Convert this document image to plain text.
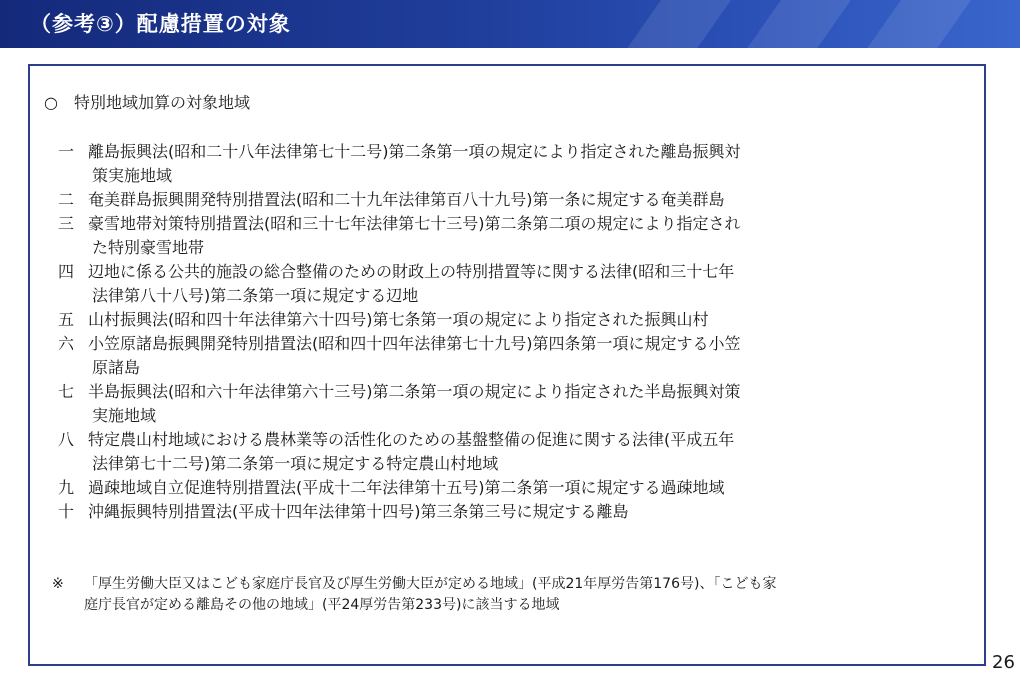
（参考③）配慮措置の対象
○ 特別地域加算の対象地域
一 離島振興法(昭和二十八年法律第七十二号)第二条第一項の規定により指定された離島振興対
策実施地域
二 奄美群島振興開発特別措置法(昭和二十九年法律第百八十九号)第一条に規定する奄美群島
三 豪雪地帯対策特別措置法(昭和三十七年法律第七十三号)第二条第二項の規定により指定され
た特別豪雪地帯
四 辺地に係る公共的施設の総合整備のための財政上の特別措置等に関する法律(昭和三十七年
法律第八十八号)第二条第一項に規定する辺地
五 山村振興法(昭和四十年法律第六十四号)第七条第一項の規定により指定された振興山村
六 小笠原諸島振興開発特別措置法(昭和四十四年法律第七十九号)第四条第一項に規定する小笠
原諸島
七 半島振興法(昭和六十年法律第六十三号)第二条第一項の規定により指定された半島振興対策
実施地域
八 特定農山村地域における農林業等の活性化のための基盤整備の促進に関する法律(平成五年
法律第七十二号)第二条第一項に規定する特定農山村地域
九 過疎地域自立促進特別措置法(平成十二年法律第十五号)第二条第一項に規定する過疎地域
十 沖縄振興特別措置法(平成十四年法律第十四号)第三条第三号に規定する離島
※ 「厚生労働大臣又はこども家庭庁長官及び厚生労働大臣が定める地域」(平成21年厚労告第176号)、「こども家
庭庁長官が定める離島その他の地域」(平24厚労告第233号)に該当する地域
26
